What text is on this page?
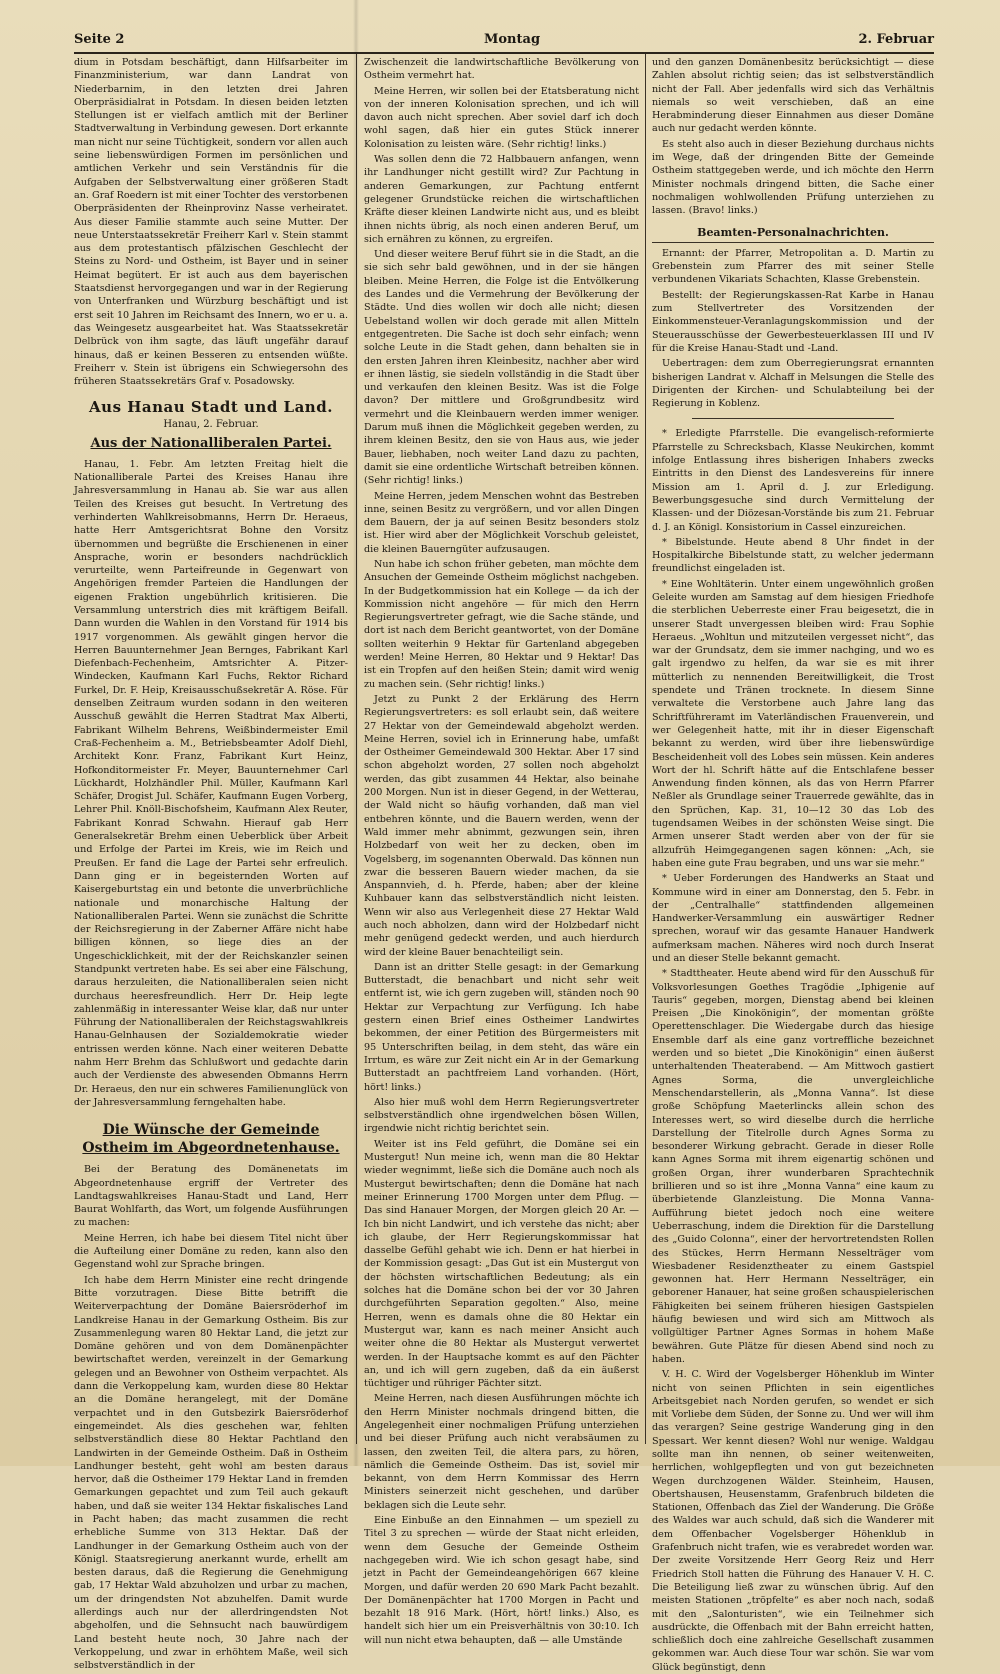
Seite 2	Montag	2. Februar

dium in Potsdam beschäftigt, dann Hilfsarbeiter im Finanzministerium, war dann Landrat von Niederbarnim, in den letzten drei Jahren Oberpräsidialrat in Potsdam. In diesen beiden letzten Stellungen ist er vielfach amtlich mit der Berliner Stadtverwaltung in Verbindung gewesen. Dort erkannte man nicht nur seine Tüchtigkeit, sondern vor allen auch seine liebenswürdigen Formen im persönlichen und amtlichen Verkehr und sein Verständnis für die Aufgaben der Selbstverwaltung einer größeren Stadt an. Graf Roedern ist mit einer Tochter des verstorbenen Oberpräsidenten der Rheinprovinz Nasse verheiratet. Aus dieser Familie stammte auch seine Mutter. Der neue Unterstaatssekretär Freiherr Karl v. Stein stammt aus dem protestantisch pfälzischen Geschlecht der Steins zu Nord- und Ostheim, ist Bayer und in seiner Heimat begütert. Er ist auch aus dem bayerischen Staatsdienst hervorgegangen und war in der Regierung von Unterfranken und Würzburg beschäftigt und ist erst seit 10 Jahren im Reichsamt des Innern, wo er u. a. das Weingesetz ausgearbeitet hat. Was Staatssekretär Delbrück von ihm sagte, das läuft ungefähr darauf hinaus, daß er keinen Besseren zu entsenden wüßte. Freiherr v. Stein ist übrigens ein Schwiegersohn des früheren Staatssekretärs Graf v. Posadowsky.

Aus Hanau Stadt und Land.
Hanau, 2. Februar.
Aus der Nationalliberalen Partei.

Hanau, 1. Febr. Am letzten Freitag hielt die Nationalliberale Partei des Kreises Hanau ihre Jahresversammlung in Hanau ab. Sie war aus allen Teilen des Kreises gut besucht. In Vertretung des verhinderten Wahlkreisobmanns, Herrn Dr. Heraeus, hatte Herr Amtsgerichtsrat Bohne den Vorsitz übernommen und begrüßte die Erschienenen in einer Ansprache, worin er besonders nachdrücklich verurteilte, wenn Parteifreunde in Gegenwart von Angehörigen fremder Parteien die Handlungen der eigenen Fraktion ungebührlich kritisieren. Die Versammlung unterstrich dies mit kräftigem Beifall. Dann wurden die Wahlen in den Vorstand für 1914 bis 1917 vorgenommen. Als gewählt gingen hervor die Herren Bauunternehmer Jean Bernges, Fabrikant Karl Diefenbach-Fechenheim, Amtsrichter A. Pitzer-Windecken, Kaufmann Karl Fuchs, Rektor Richard Furkel, Dr. F. Heip, Kreisausschußsekretär A. Röse. Für denselben Zeitraum wurden sodann in den weiteren Ausschuß gewählt die Herren Stadtrat Max Alberti, Fabrikant Wilhelm Behrens, Weißbindermeister Emil Craß-Fechenheim a. M., Betriebsbeamter Adolf Diehl, Architekt Konr. Franz, Fabrikant Kurt Heinz, Hofkonditormeister Fr. Meyer, Bauunternehmer Carl Lückhardt, Holzhändler Phil. Müller, Kaufmann Karl Schäfer, Drogist Jul. Schäfer, Kaufmann Eugen Vorberg, Lehrer Phil. Knöll-Bischofsheim, Kaufmann Alex Reuter, Fabrikant Konrad Schwahn. Hierauf gab Herr Generalsekretär Brehm einen Ueberblick über Arbeit und Erfolge der Partei im Kreis, wie im Reich und Preußen. Er fand die Lage der Partei sehr erfreulich. Dann ging er in begeisternden Worten auf Kaisergeburtstag ein und betonte die unverbrüchliche nationale und monarchische Haltung der Nationalliberalen Partei. Wenn sie zunächst die Schritte der Reichsregierung in der Zaberner Affäre nicht habe billigen können, so liege dies an der Ungeschicklichkeit, mit der der Reichskanzler seinen Standpunkt vertreten habe. Es sei aber eine Fälschung, daraus herzuleiten, die Nationalliberalen seien nicht durchaus heeresfreundlich. Herr Dr. Heip legte zahlenmäßig in interessanter Weise klar, daß nur unter Führung der Nationalliberalen der Reichstagswahlkreis Hanau-Gelnhausen der Sozialdemokratie wieder entrissen werden könne. Nach einer weiteren Debatte nahm Herr Brehm das Schlußwort und gedachte darin auch der Verdienste des abwesenden Obmanns Herrn Dr. Heraeus, den nur ein schweres Familienunglück von der Jahresversammlung ferngehalten habe.

Die Wünsche der Gemeinde Ostheim im Abgeordnetenhause.

Bei der Beratung des Domänenetats im Abgeordnetenhause ergriff der Vertreter des Landtagswahlkreises Hanau-Stadt und Land, Herr Baurat Wohlfarth, das Wort, um folgende Ausführungen zu machen:

Meine Herren, ich habe bei diesem Titel nicht über die Aufteilung einer Domäne zu reden, kann also den Gegenstand wohl zur Sprache bringen.

Ich habe dem Herrn Minister eine recht dringende Bitte vorzutragen. Diese Bitte betrifft die Weiterverpachtung der Domäne Baiersröderhof im Landkreise Hanau in der Gemarkung Ostheim. Bis zur Zusammenlegung waren 80 Hektar Land, die jetzt zur Domäne gehören und von dem Domänenpächter bewirtschaftet werden, vereinzelt in der Gemarkung gelegen und an Bewohner von Ostheim verpachtet. Als dann die Verkoppelung kam, wurden diese 80 Hektar an die Domäne herangelegt, mit der Domäne verpachtet und in den Gutsbezirk Baiersröderhof eingemeindet. Als dies geschehen war, fehlten selbstverständlich diese 80 Hektar Pachtland den Landwirten in der Gemeinde Ostheim. Daß in Ostheim Landhunger besteht, geht wohl am besten daraus hervor, daß die Ostheimer 179 Hektar Land in fremden Gemarkungen gepachtet und zum Teil auch gekauft haben, und daß sie weiter 134 Hektar fiskalisches Land in Pacht haben; das macht zusammen die recht erhebliche Summe von 313 Hektar. Daß der Landhunger in der Gemarkung Ostheim auch von der Königl. Staatsregierung anerkannt wurde, erhellt am besten daraus, daß die Regierung die Genehmigung gab, 17 Hektar Wald abzuholzen und urbar zu machen, um der dringendsten Not abzuhelfen. Damit wurde allerdings auch nur der allerdringendsten Not abgeholfen, und die Sehnsucht nach bauwürdigem Land besteht heute noch, 30 Jahre nach der Verkoppelung, und zwar in erhöhtem Maße, weil sich selbstverständlich in der

Zwischenzeit die landwirtschaftliche Bevölkerung von Ostheim vermehrt hat.

Meine Herren, wir sollen bei der Etatsberatung nicht von der inneren Kolonisation sprechen, und ich will davon auch nicht sprechen. Aber soviel darf ich doch wohl sagen, daß hier ein gutes Stück innerer Kolonisation zu leisten wäre. (Sehr richtig! links.)

Was sollen denn die 72 Halbbauern anfangen, wenn ihr Landhunger nicht gestillt wird? Zur Pachtung in anderen Gemarkungen, zur Pachtung entfernt gelegener Grundstücke reichen die wirtschaftlichen Kräfte dieser kleinen Landwirte nicht aus, und es bleibt ihnen nichts übrig, als noch einen anderen Beruf, um sich ernähren zu können, zu ergreifen.

Und dieser weitere Beruf führt sie in die Stadt, an die sie sich sehr bald gewöhnen, und in der sie hängen bleiben. Meine Herren, die Folge ist die Entvölkerung des Landes und die Vermehrung der Bevölkerung der Städte. Und dies wollen wir doch alle nicht; diesen Uebelstand wollen wir doch gerade mit allen Mitteln entgegentreten. Die Sache ist doch sehr einfach; wenn solche Leute in die Stadt gehen, dann behalten sie in den ersten Jahren ihren Kleinbesitz, nachher aber wird er ihnen lästig, sie siedeln vollständig in die Stadt über und verkaufen den kleinen Besitz. Was ist die Folge davon? Der mittlere und Großgrundbesitz wird vermehrt und die Kleinbauern werden immer weniger. Darum muß ihnen die Möglichkeit gegeben werden, zu ihrem kleinen Besitz, den sie von Haus aus, wie jeder Bauer, liebhaben, noch weiter Land dazu zu pachten, damit sie eine ordentliche Wirtschaft betreiben können. (Sehr richtig! links.)

Meine Herren, jedem Menschen wohnt das Bestreben inne, seinen Besitz zu vergrößern, und vor allen Dingen dem Bauern, der ja auf seinen Besitz besonders stolz ist. Hier wird aber der Möglichkeit Vorschub geleistet, die kleinen Bauerngüter aufzusaugen.

Nun habe ich schon früher gebeten, man möchte dem Ansuchen der Gemeinde Ostheim möglichst nachgeben. In der Budgetkommission hat ein Kollege — da ich der Kommission nicht angehöre — für mich den Herrn Regierungsvertreter gefragt, wie die Sache stände, und dort ist nach dem Bericht geantwortet, von der Domäne sollten weiterhin 9 Hektar für Gartenland abgegeben werden! Meine Herren, 80 Hektar und 9 Hektar! Das ist ein Tropfen auf den heißen Stein; damit wird wenig zu machen sein. (Sehr richtig! links.)

Jetzt zu Punkt 2 der Erklärung des Herrn Regierungsvertreters: es soll erlaubt sein, daß weitere 27 Hektar von der Gemeindewald abgeholzt werden. Meine Herren, soviel ich in Erinnerung habe, umfaßt der Ostheimer Gemeindewald 300 Hektar. Aber 17 sind schon abgeholzt worden, 27 sollen noch abgeholzt werden, das gibt zusammen 44 Hektar, also beinahe 200 Morgen. Nun ist in dieser Gegend, in der Wetterau, der Wald nicht so häufig vorhanden, daß man viel entbehren könnte, und die Bauern werden, wenn der Wald immer mehr abnimmt, gezwungen sein, ihren Holzbedarf von weit her zu decken, oben im Vogelsberg, im sogenannten Oberwald. Das können nun zwar die besseren Bauern wieder machen, da sie Anspannvieh, d. h. Pferde, haben; aber der kleine Kuhbauer kann das selbstverständlich nicht leisten. Wenn wir also aus Verlegenheit diese 27 Hektar Wald auch noch abholzen, dann wird der Holzbedarf nicht mehr genügend gedeckt werden, und auch hierdurch wird der kleine Bauer benachteiligt sein.

Dann ist an dritter Stelle gesagt: in der Gemarkung Butterstadt, die benachbart und nicht sehr weit entfernt ist, wie ich gern zugeben will, ständen noch 90 Hektar zur Verpachtung zur Verfügung. Ich habe gestern einen Brief eines Ostheimer Landwirtes bekommen, der einer Petition des Bürgermeisters mit 95 Unterschriften beilag, in dem steht, das wäre ein Irrtum, es wäre zur Zeit nicht ein Ar in der Gemarkung Butterstadt an pachtfreiem Land vorhanden. (Hört, hört! links.)

Also hier muß wohl dem Herrn Regierungsvertreter selbstverständlich ohne irgendwelchen bösen Willen, irgendwie nicht richtig berichtet sein.

Weiter ist ins Feld geführt, die Domäne sei ein Mustergut! Nun meine ich, wenn man die 80 Hektar wieder wegnimmt, ließe sich die Domäne auch noch als Mustergut bewirtschaften; denn die Domäne hat nach meiner Erinnerung 1700 Morgen unter dem Pflug. — Das sind Hanauer Morgen, der Morgen gleich 20 Ar. — Ich bin nicht Landwirt, und ich verstehe das nicht; aber ich glaube, der Herr Regierungskommissar hat dasselbe Gefühl gehabt wie ich. Denn er hat hierbei in der Kommission gesagt: „Das Gut ist ein Mustergut von der höchsten wirtschaftlichen Bedeutung; als ein solches hat die Domäne schon bei der vor 30 Jahren durchgeführten Separation gegolten.“ Also, meine Herren, wenn es damals ohne die 80 Hektar ein Mustergut war, kann es nach meiner Ansicht auch weiter ohne die 80 Hektar als Mustergut verwertet werden. In der Hauptsache kommt es auf den Pächter an, und ich will gern zugeben, daß da ein äußerst tüchtiger und rühriger Pächter sitzt.

Meine Herren, nach diesen Ausführungen möchte ich den Herrn Minister nochmals dringend bitten, die Angelegenheit einer nochmaligen Prüfung unterziehen und bei dieser Prüfung auch nicht verabsäumen zu lassen, den zweiten Teil, die altera pars, zu hören, nämlich die Gemeinde Ostheim. Das ist, soviel mir bekannt, von dem Herrn Kommissar des Herrn Ministers seinerzeit nicht geschehen, und darüber beklagen sich die Leute sehr.

Eine Einbuße an den Einnahmen — um speziell zu Titel 3 zu sprechen — würde der Staat nicht erleiden, wenn dem Gesuche der Gemeinde Ostheim nachgegeben wird. Wie ich schon gesagt habe, sind jetzt in Pacht der Gemeindeangehörigen 667 kleine Morgen, und dafür werden 20 690 Mark Pacht bezahlt. Der Domänenpächter hat 1700 Morgen in Pacht und bezahlt 18 916 Mark. (Hört, hört! links.) Also, es handelt sich hier um ein Preisverhältnis von 30:10. Ich will nun nicht etwa behaupten, daß — alle Umstände

und den ganzen Domänenbesitz berücksichtigt — diese Zahlen absolut richtig seien; das ist selbstverständlich nicht der Fall. Aber jedenfalls wird sich das Verhältnis niemals so weit verschieben, daß an eine Herabminderung dieser Einnahmen aus dieser Domäne auch nur gedacht werden könnte.

Es steht also auch in dieser Beziehung durchaus nichts im Wege, daß der dringenden Bitte der Gemeinde Ostheim stattgegeben werde, und ich möchte den Herrn Minister nochmals dringend bitten, die Sache einer nochmaligen wohlwollenden Prüfung unterziehen zu lassen. (Bravo! links.)

Beamten-Personalnachrichten.

Ernannt: der Pfarrer, Metropolitan a. D. Martin zu Grebenstein zum Pfarrer des mit seiner Stelle verbundenen Vikariats Schachten, Klasse Grebenstein.

Bestellt: der Regierungskassen-Rat Karbe in Hanau zum Stellvertreter des Vorsitzenden der Einkommensteuer-Veranlagungskommission und der Steuerausschüsse der Gewerbesteuerklassen III und IV für die Kreise Hanau-Stadt und -Land.

Uebertragen: dem zum Oberregierungsrat ernannten bisherigen Landrat v. Alchaff in Melsungen die Stelle des Dirigenten der Kirchen- und Schulabteilung bei der Regierung in Koblenz.

* Erledigte Pfarrstelle. Die evangelisch-reformierte Pfarrstelle zu Schrecksbach, Klasse Neukirchen, kommt infolge Entlassung ihres bisherigen Inhabers zwecks Eintritts in den Dienst des Landesvereins für innere Mission am 1. April d. J. zur Erledigung. Bewerbungsgesuche sind durch Vermittelung der Klassen- und der Diözesan-Vorstände bis zum 21. Februar d. J. an Königl. Konsistorium in Cassel einzureichen.

* Bibelstunde. Heute abend 8 Uhr findet in der Hospitalkirche Bibelstunde statt, zu welcher jedermann freundlichst eingeladen ist.

* Eine Wohltäterin. Unter einem ungewöhnlich großen Geleite wurden am Samstag auf dem hiesigen Friedhofe die sterblichen Ueberreste einer Frau beigesetzt, die in unserer Stadt unvergessen bleiben wird: Frau Sophie Heraeus. „Wohltun und mitzuteilen vergesset nicht“, das war der Grundsatz, dem sie immer nachging, und wo es galt irgendwo zu helfen, da war sie es mit ihrer mütterlich zu nennenden Bereitwilligkeit, die Trost spendete und Tränen trocknete. In diesem Sinne verwaltete die Verstorbene auch Jahre lang das Schriftführeramt im Vaterländischen Frauenverein, und wer Gelegenheit hatte, mit ihr in dieser Eigenschaft bekannt zu werden, wird über ihre liebenswürdige Bescheidenheit voll des Lobes sein müssen. Kein anderes Wort der hl. Schrift hätte auf die Entschlafene besser Anwendung finden können, als das von Herrn Pfarrer Neßler als Grundlage seiner Trauerrede gewählte, das in den Sprüchen, Kap. 31, 10—12 30 das Lob des tugendsamen Weibes in der schönsten Weise singt. Die Armen unserer Stadt werden aber von der für sie allzufrüh Heimgegangenen sagen können: „Ach, sie haben eine gute Frau begraben, und uns war sie mehr.“

* Ueber Forderungen des Handwerks an Staat und Kommune wird in einer am Donnerstag, den 5. Febr. in der „Centralhalle“ stattfindenden allgemeinen Handwerker-Versammlung ein auswärtiger Redner sprechen, worauf wir das gesamte Hanauer Handwerk aufmerksam machen. Näheres wird noch durch Inserat und an dieser Stelle bekannt gemacht.

* Stadttheater. Heute abend wird für den Ausschuß für Volksvorlesungen Goethes Tragödie „Iphigenie auf Tauris“ gegeben, morgen, Dienstag abend bei kleinen Preisen „Die Kinokönigin“, der momentan größte Operettenschlager. Die Wiedergabe durch das hiesige Ensemble darf als eine ganz vortreffliche bezeichnet werden und so bietet „Die Kinokönigin“ einen äußerst unterhaltenden Theaterabend. — Am Mittwoch gastiert Agnes Sorma, die unvergleichliche Menschendarstellerin, als „Monna Vanna“. Ist diese große Schöpfung Maeterlincks allein schon des Interesses wert, so wird dieselbe durch die herrliche Darstellung der Titelrolle durch Agnes Sorma zu besonderer Wirkung gebracht. Gerade in dieser Rolle kann Agnes Sorma mit ihrem eigenartig schönen und großen Organ, ihrer wunderbaren Sprachtechnik brillieren und so ist ihre „Monna Vanna“ eine kaum zu überbietende Glanzleistung. Die Monna Vanna-Aufführung bietet jedoch noch eine weitere Ueberraschung, indem die Direktion für die Darstellung des „Guido Colonna“, einer der hervortretendsten Rollen des Stückes, Herrn Hermann Nesselträger vom Wiesbadener Residenztheater zu einem Gastspiel gewonnen hat. Herr Hermann Nesselträger, ein geborener Hanauer, hat seine großen schauspielerischen Fähigkeiten bei seinem früheren hiesigen Gastspielen häufig bewiesen und wird sich am Mittwoch als vollgültiger Partner Agnes Sormas in hohem Maße bewähren. Gute Plätze für diesen Abend sind noch zu haben.

V. H. C. Wird der Vogelsberger Höhenklub im Winter nicht von seinen Pflichten in sein eigentliches Arbeitsgebiet nach Norden gerufen, so wendet er sich mit Vorliebe dem Süden, der Sonne zu. Und wer will ihm das verargen? Seine gestrige Wanderung ging in den Spessart. Wer kennt diesen? Wohl nur wenige. Waldgau sollte man ihn nennen, ob seiner weitenweiten, herrlichen, wohlgepflegten und von gut bezeichneten Wegen durchzogenen Wälder. Steinheim, Hausen, Obertshausen, Heusenstamm, Grafenbruch bildeten die Stationen, Offenbach das Ziel der Wanderung. Die Größe des Waldes war auch schuld, daß sich die Wanderer mit dem Offenbacher Vogelsberger Höhenklub in Grafenbruch nicht trafen, wie es verabredet worden war. Der zweite Vorsitzende Herr Georg Reiz und Herr Friedrich Stoll hatten die Führung des Hanauer V. H. C. Die Beteiligung ließ zwar zu wünschen übrig. Auf den meisten Stationen „tröpfelte“ es aber noch nach, sodaß mit den „Salonturisten“, wie ein Teilnehmer sich ausdrückte, die Offenbach mit der Bahn erreicht hatten, schließlich doch eine zahlreiche Gesellschaft zusammen gekommen war. Auch diese Tour war schön. Sie war vom Glück begünstigt, denn
